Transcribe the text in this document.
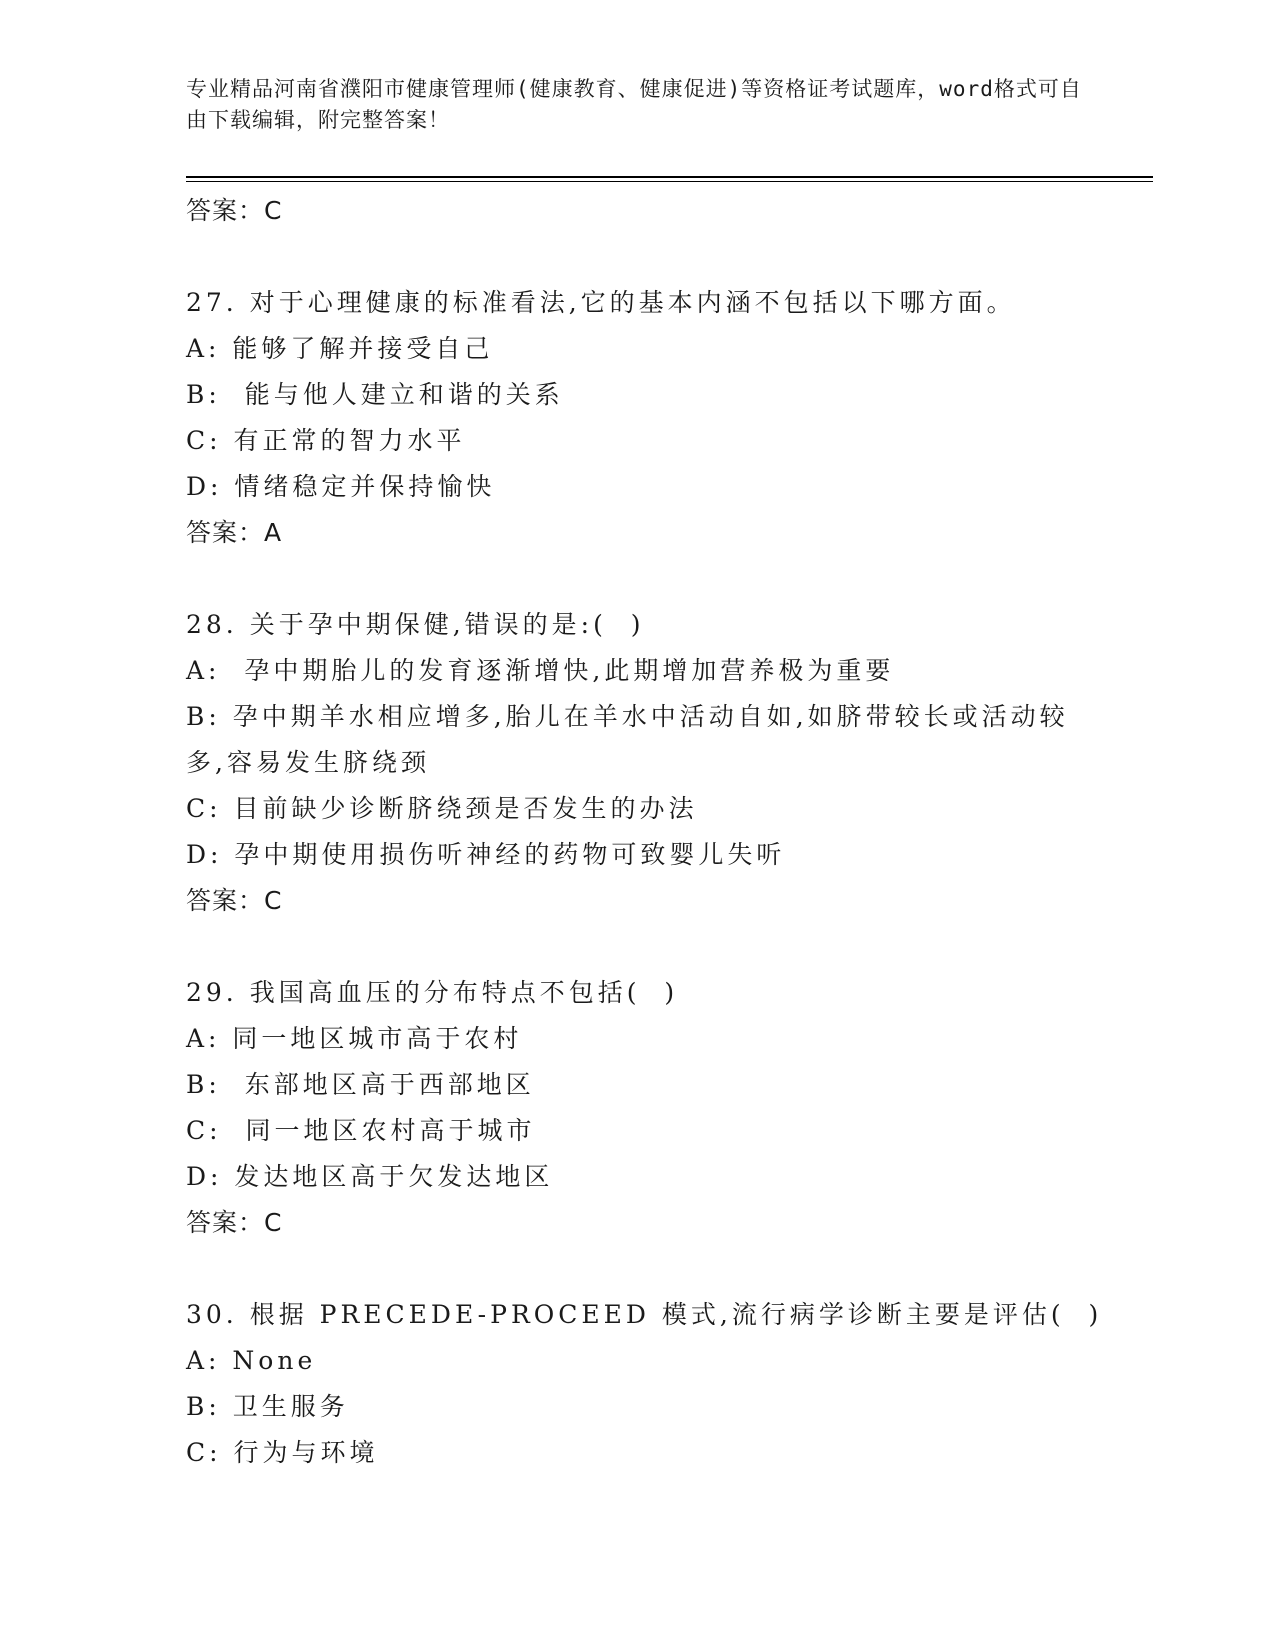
专业精品河南省濮阳市健康管理师(健康教育、健康促进)等资格证考试题库，word格式可自由下载编辑，附完整答案！

答案：C

27. 对于心理健康的标准看法,它的基本内涵不包括以下哪方面。

A: 能够了解并接受自己

B:  能与他人建立和谐的关系

C: 有正常的智力水平

D: 情绪稳定并保持愉快

答案：A

28. 关于孕中期保健,错误的是:(  )

A:  孕中期胎儿的发育逐渐增快,此期增加营养极为重要

B: 孕中期羊水相应增多,胎儿在羊水中活动自如,如脐带较长或活动较多,容易发生脐绕颈

C: 目前缺少诊断脐绕颈是否发生的办法

D: 孕中期使用损伤听神经的药物可致婴儿失听

答案：C

29. 我国高血压的分布特点不包括(  )

A: 同一地区城市高于农村

B:  东部地区高于西部地区

C:  同一地区农村高于城市

D: 发达地区高于欠发达地区

答案：C

30. 根据 PRECEDE-PROCEED 模式,流行病学诊断主要是评估(  )

A: None

B: 卫生服务

C: 行为与环境
